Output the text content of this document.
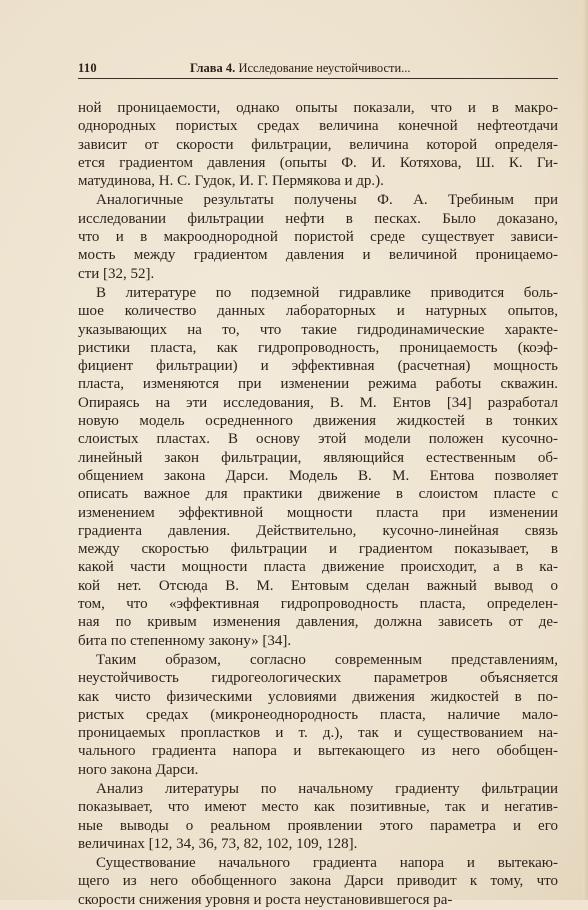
110	Глава 4. Исследование неустойчивости...
ной проницаемости, однако опыты показали, что и в макро-
однородных пористых средах величина конечной нефтеотдачи
зависит от скорости фильтрации, величина которой определя-
ется градиентом давления (опыты Ф. И. Котяхова, Ш. К. Ги-
матудинова, Н. С. Гудок, И. Г. Пермякова и др.).
Аналогичные результаты получены Ф. А. Требиным при
исследовании фильтрации нефти в песках. Было доказано,
что и в макрооднородной пористой среде существует зависи-
мость между градиентом давления и величиной проницаемо-
сти [32, 52].
В литературе по подземной гидравлике приводится боль-
шое количество данных лабораторных и натурных опытов,
указывающих на то, что такие гидродинамические характе-
ристики пласта, как гидропроводность, проницаемость (коэф-
фициент фильтрации) и эффективная (расчетная) мощность
пласта, изменяются при изменении режима работы скважин.
Опираясь на эти исследования, В. М. Ентов [34] разработал
новую модель осредненного движения жидкостей в тонких
слоистых пластах. В основу этой модели положен кусочно-
линейный закон фильтрации, являющийся естественным об-
общением закона Дарси. Модель В. М. Ентова позволяет
описать важное для практики движение в слоистом пласте с
изменением эффективной мощности пласта при изменении
градиента давления. Действительно, кусочно-линейная связь
между скоростью фильтрации и градиентом показывает, в
какой части мощности пласта движение происходит, а в ка-
кой нет. Отсюда В. М. Ентовым сделан важный вывод о
том, что «эффективная гидропроводность пласта, определен-
ная по кривым изменения давления, должна зависеть от де-
бита по степенному закону» [34].
Таким образом, согласно современным представлениям,
неустойчивость гидрогеологических параметров объясняется
как чисто физическими условиями движения жидкостей в по-
ристых средах (микронеоднородность пласта, наличие мало-
проницаемых пропластков и т. д.), так и существованием на-
чального градиента напора и вытекающего из него обобщен-
ного закона Дарси.
Анализ литературы по начальному градиенту фильтрации
показывает, что имеют место как позитивные, так и негатив-
ные выводы о реальном проявлении этого параметра и его
величинах [12, 34, 36, 73, 82, 102, 109, 128].
Существование начального градиента напора и вытекаю-
щего из него обобщенного закона Дарси приводит к тому, что
скорости снижения уровня и роста неустановившегося ра-
